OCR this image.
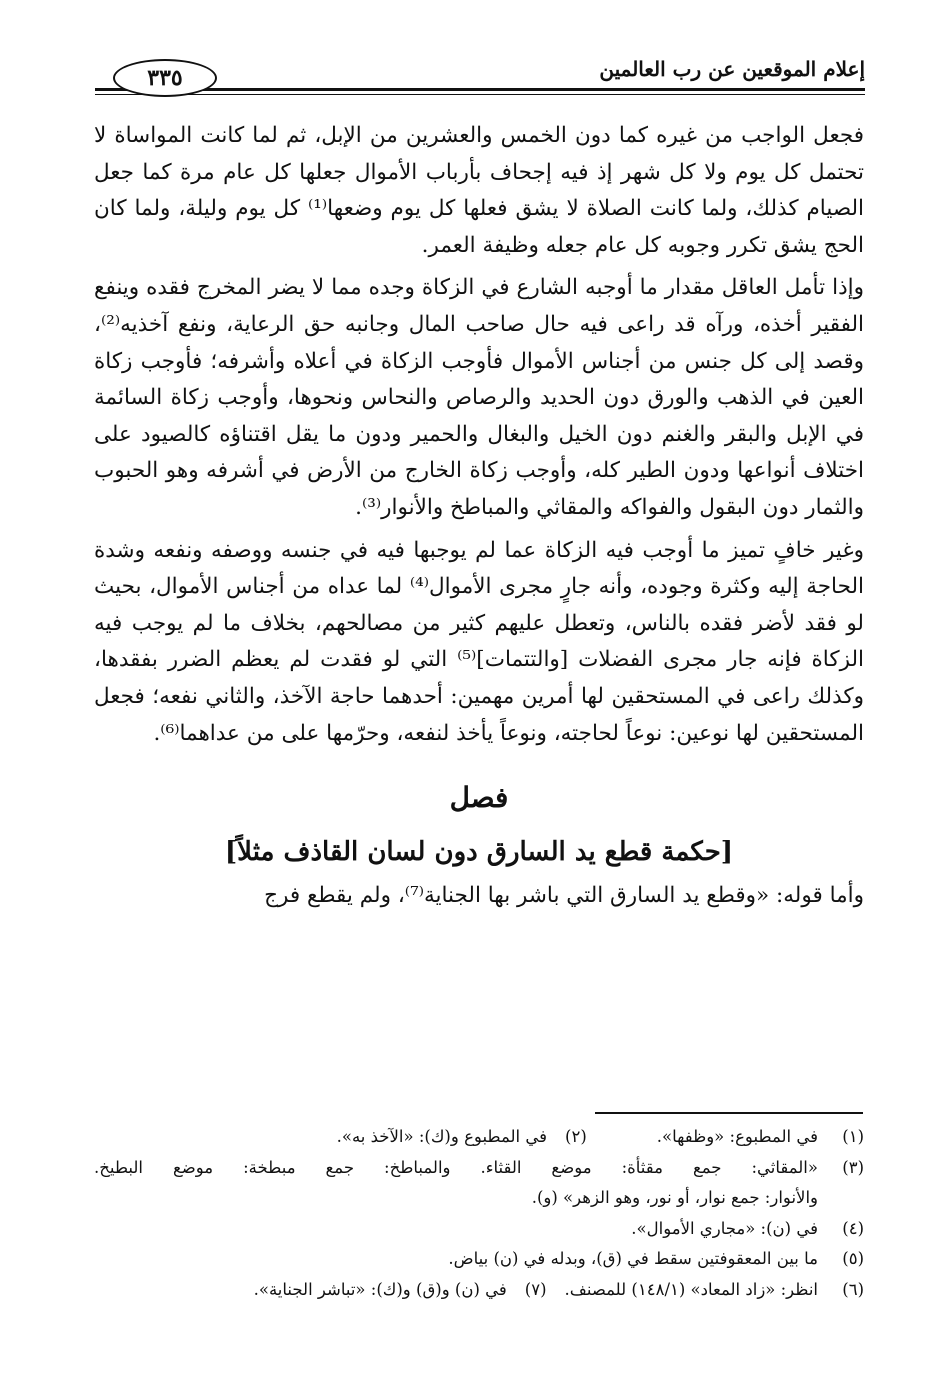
إعلام الموقعين عن رب العالمين
٣٣٥

فجعل الواجب من غيره كما دون الخمس والعشرين من الإبل، ثم لما كانت المواساة لا تحتمل كل يوم ولا كل شهر إذ فيه إجحاف بأرباب الأموال جعلها كل عام مرة كما جعل الصيام كذلك، ولما كانت الصلاة لا يشق فعلها كل يوم وضعها⁽¹⁾ كل يوم وليلة، ولما كان الحج يشق تكرر وجوبه كل عام جعله وظيفة العمر.

وإذا تأمل العاقل مقدار ما أوجبه الشارع في الزكاة وجده مما لا يضر المخرج فقده وينفع الفقير أخذه، ورآه قد راعى فيه حال صاحب المال وجانبه حق الرعاية، ونفع آخذيه⁽²⁾، وقصد إلى كل جنس من أجناس الأموال فأوجب الزكاة في أعلاه وأشرفه؛ فأوجب زكاة العين في الذهب والورق دون الحديد والرصاص والنحاس ونحوها، وأوجب زكاة السائمة في الإبل والبقر والغنم دون الخيل والبغال والحمير ودون ما يقل اقتناؤه كالصيود على اختلاف أنواعها ودون الطير كله، وأوجب زكاة الخارج من الأرض في أشرفه وهو الحبوب والثمار دون البقول والفواكه والمقاثي والمباطخ والأنوار⁽³⁾.

وغير خافٍ تميز ما أوجب فيه الزكاة عما لم يوجبها فيه في جنسه ووصفه ونفعه وشدة الحاجة إليه وكثرة وجوده، وأنه جارٍ مجرى الأموال⁽⁴⁾ لما عداه من أجناس الأموال، بحيث لو فقد لأضر فقده بالناس، وتعطل عليهم كثير من مصالحهم، بخلاف ما لم يوجب فيه الزكاة فإنه جار مجرى الفضلات [والتتمات]⁽⁵⁾ التي لو فقدت لم يعظم الضرر بفقدها، وكذلك راعى في المستحقين لها أمرين مهمين: أحدهما حاجة الآخذ، والثاني نفعه؛ فجعل المستحقين لها نوعين: نوعاً لحاجته، ونوعاً يأخذ لنفعه، وحرّمها على من عداهما⁽⁶⁾.

فصل
[حكمة قطع يد السارق دون لسان القاذف مثلاً]

وأما قوله: «وقطع يد السارق التي باشر بها الجناية⁽⁷⁾، ولم يقطع فرج

(١)
في المطبوع: «وظفها».
(٢)
في المطبوع و(ك): «الآخذ به».
(٣)
«المقاثي: جمع مقثأة: موضع القثاء. والمباطخ: جمع مبطخة: موضع البطيخ.
والأنوار: جمع نوار، أو نور، وهو الزهر» (و).
(٤)
في (ن): «مجاري الأموال».
(٥)
ما بين المعقوفتين سقط في (ق)، وبدله في (ن) بياض.
(٦)
انظر: «زاد المعاد» (١٤٨/١) للمصنف.
(٧)
في (ن) و(ق) و(ك): «تباشر الجناية».
